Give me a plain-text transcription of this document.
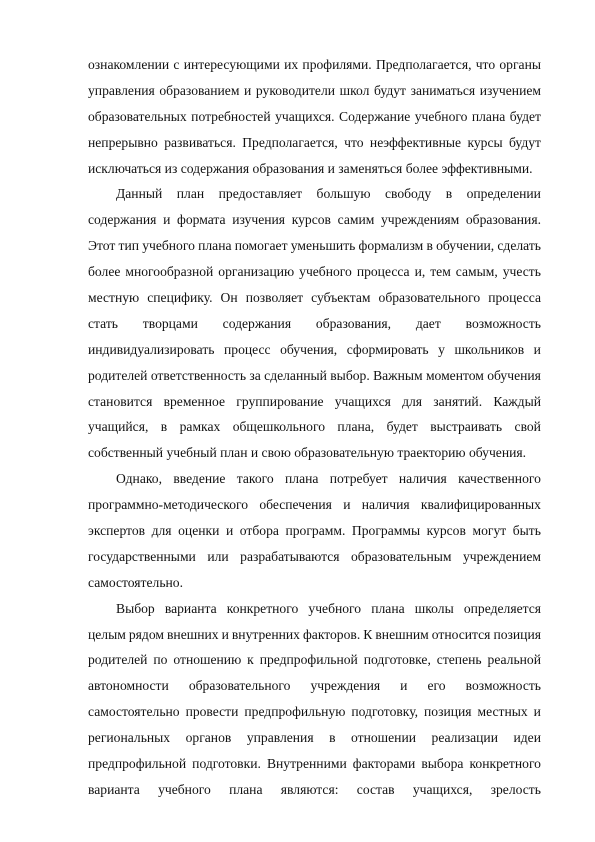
ознакомлении с интересующими их профилями. Предполагается, что органы
управления образованием и руководители школ будут заниматься изучением
образовательных потребностей учащихся. Содержание учебного плана будет
непрерывно развиваться. Предполагается, что неэффективные курсы будут
исключаться из содержания образования и заменяться более эффективными.
Данный план предоставляет большую свободу в определении
содержания и формата изучения курсов самим учреждениям образования.
Этот тип учебного плана помогает уменьшить формализм в обучении, сделать
более многообразной организацию учебного процесса и, тем самым, учесть
местную специфику. Он позволяет субъектам образовательного процесса
стать творцами содержания образования, дает возможность
индивидуализировать процесс обучения, сформировать у школьников и
родителей ответственность за сделанный выбор. Важным моментом обучения
становится временное группирование учащихся для занятий. Каждый
учащийся, в рамках общешкольного плана, будет выстраивать свой
собственный учебный план и свою образовательную траекторию обучения.
Однако, введение такого плана потребует наличия качественного
программно-методического обеспечения и наличия квалифицированных
экспертов для оценки и отбора программ. Программы курсов могут быть
государственными или разрабатываются образовательным учреждением
самостоятельно.
Выбор варианта конкретного учебного плана школы определяется
целым рядом внешних и внутренних факторов. К внешним относится позиция
родителей по отношению к предпрофильной подготовке, степень реальной
автономности образовательного учреждения и его возможность
самостоятельно провести предпрофильную подготовку, позиция местных и
региональных органов управления в отношении реализации идеи
предпрофильной подготовки. Внутренними факторами выбора конкретного
варианта учебного плана являются: состав учащихся, зрелость
